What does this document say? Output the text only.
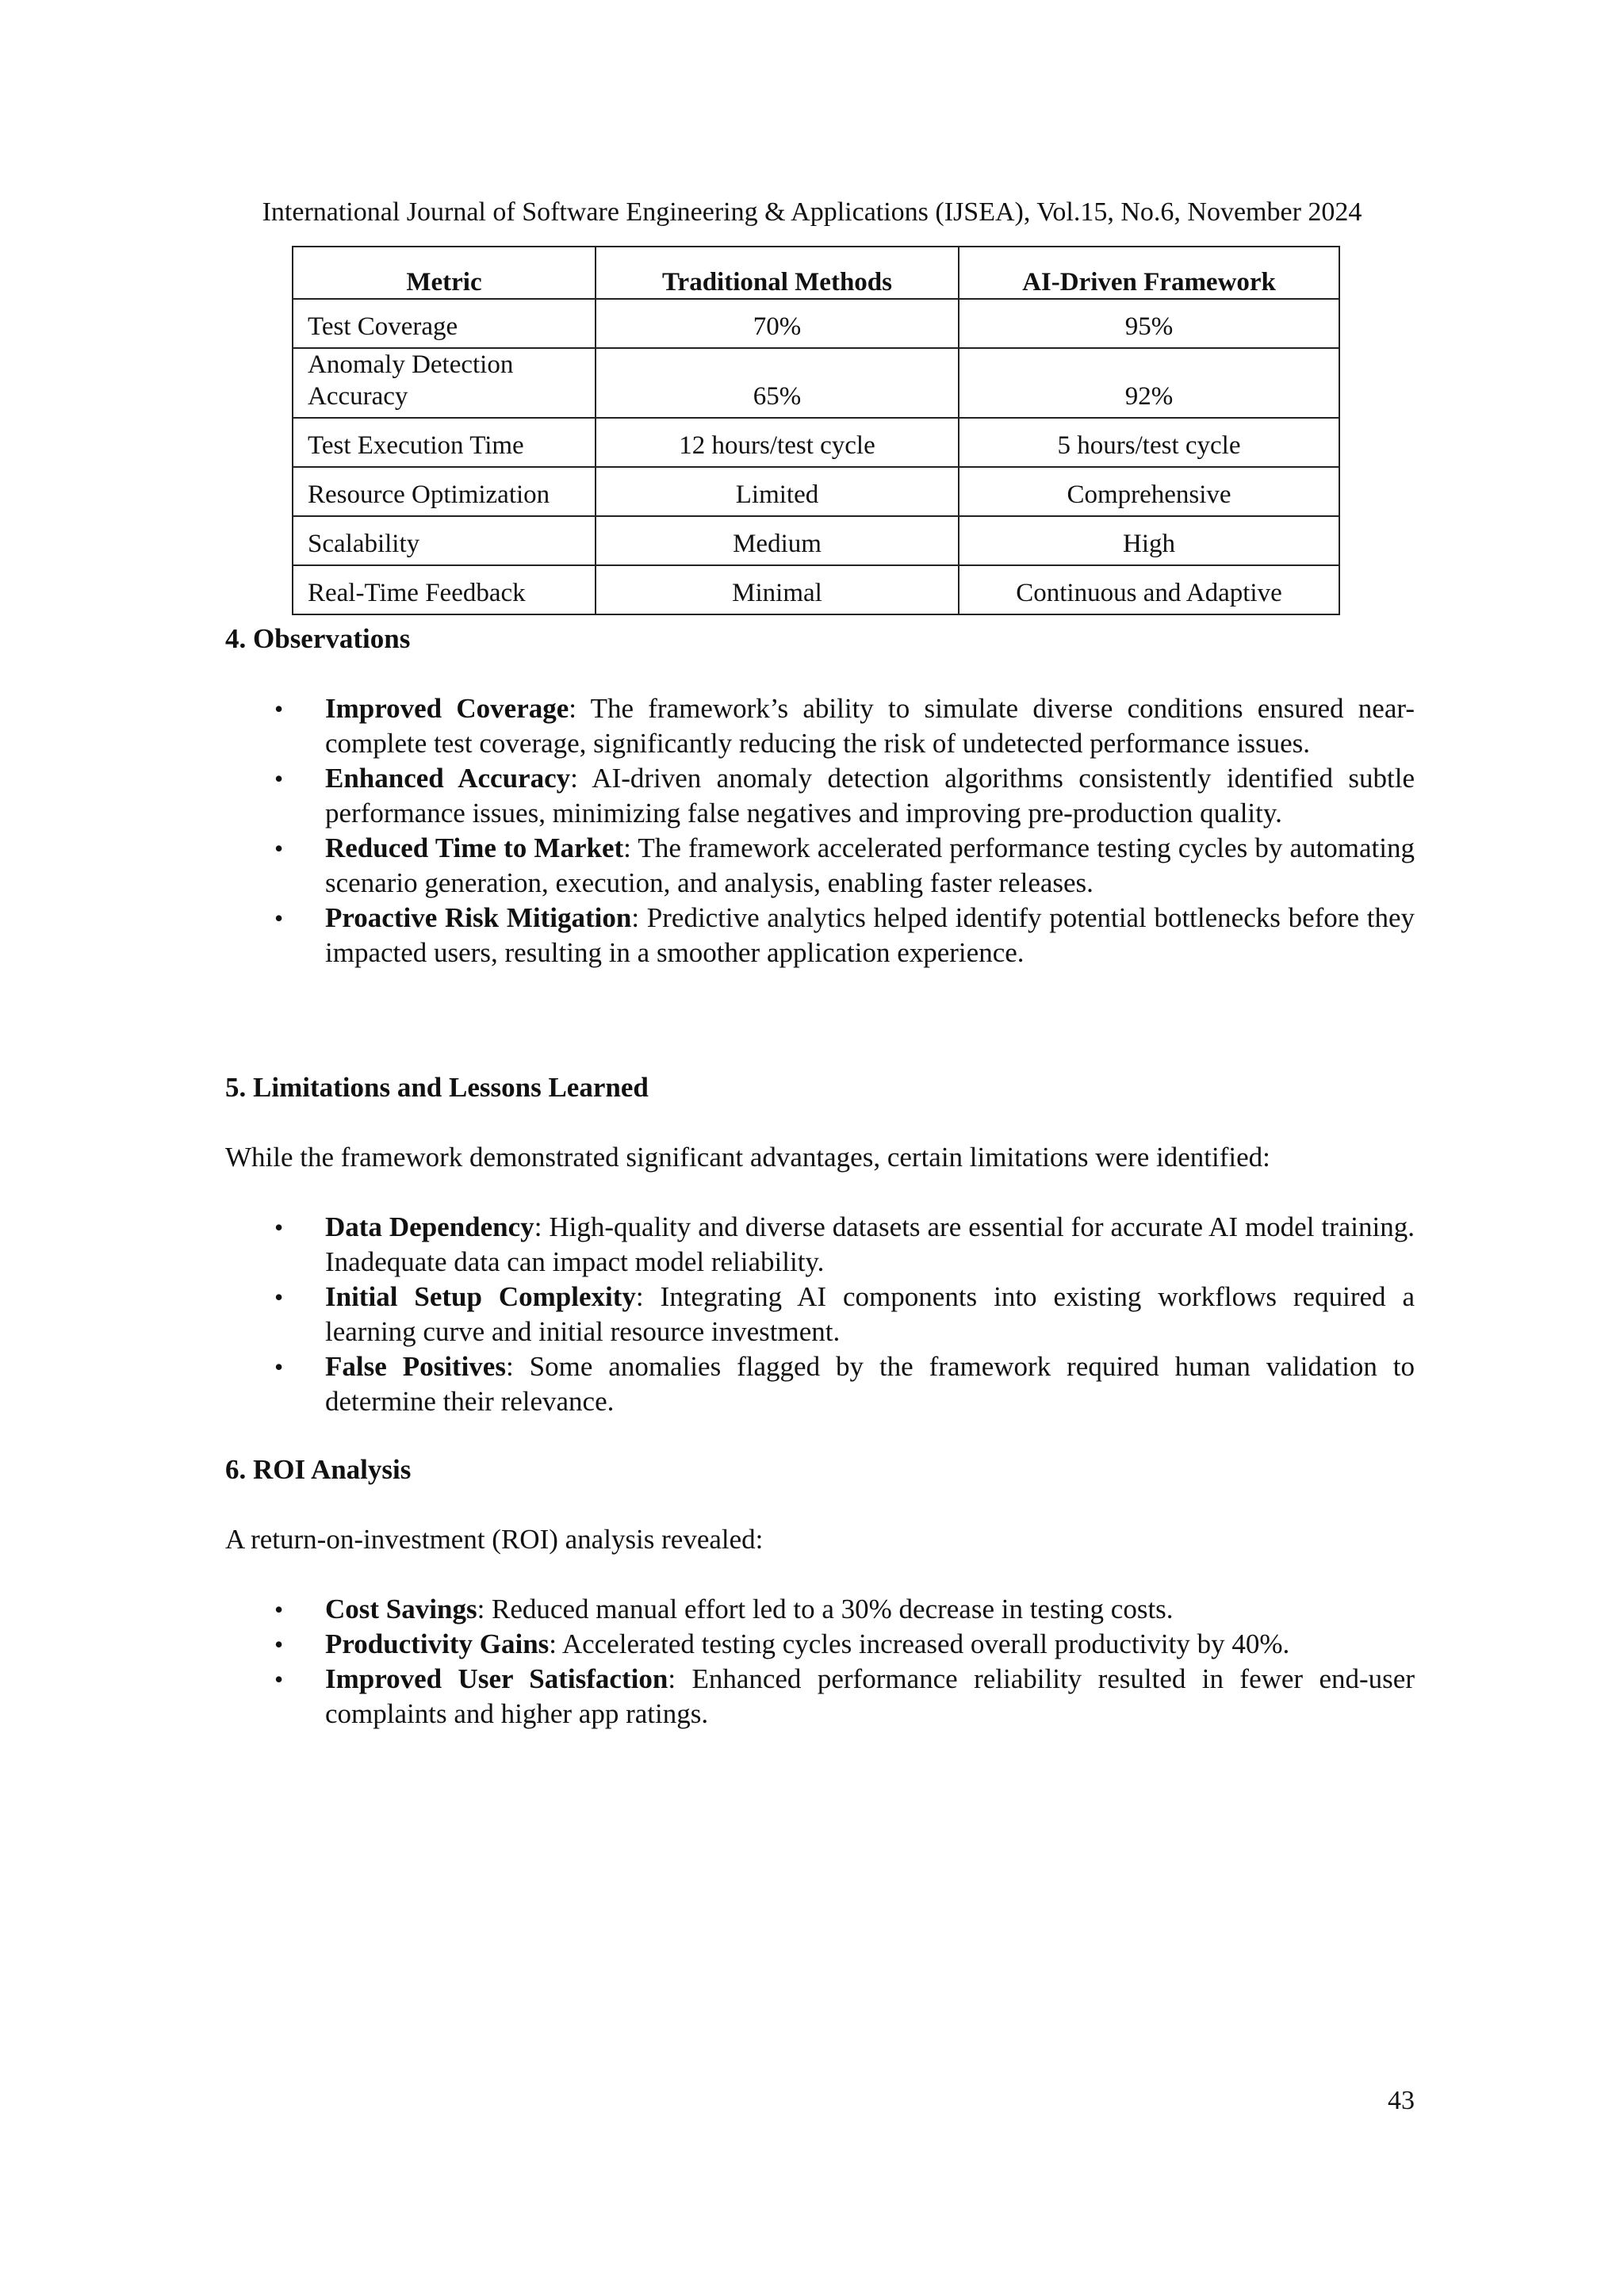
International Journal of Software Engineering & Applications (IJSEA), Vol.15, No.6, November 2024
Metric	Traditional Methods	AI-Driven Framework
Test Coverage	70%	95%
Anomaly Detection Accuracy	65%	92%
Test Execution Time	12 hours/test cycle	5 hours/test cycle
Resource Optimization	Limited	Comprehensive
Scalability	Medium	High
Real-Time Feedback	Minimal	Continuous and Adaptive
4. Observations
• Improved Coverage: The framework’s ability to simulate diverse conditions ensured near-complete test coverage, significantly reducing the risk of undetected performance issues.
• Enhanced Accuracy: AI-driven anomaly detection algorithms consistently identified subtle performance issues, minimizing false negatives and improving pre-production quality.
• Reduced Time to Market: The framework accelerated performance testing cycles by automating scenario generation, execution, and analysis, enabling faster releases.
• Proactive Risk Mitigation: Predictive analytics helped identify potential bottlenecks before they impacted users, resulting in a smoother application experience.
5. Limitations and Lessons Learned
While the framework demonstrated significant advantages, certain limitations were identified:
• Data Dependency: High-quality and diverse datasets are essential for accurate AI model training. Inadequate data can impact model reliability.
• Initial Setup Complexity: Integrating AI components into existing workflows required a learning curve and initial resource investment.
• False Positives: Some anomalies flagged by the framework required human validation to determine their relevance.
6. ROI Analysis
A return-on-investment (ROI) analysis revealed:
• Cost Savings: Reduced manual effort led to a 30% decrease in testing costs.
• Productivity Gains: Accelerated testing cycles increased overall productivity by 40%.
• Improved User Satisfaction: Enhanced performance reliability resulted in fewer end-user complaints and higher app ratings.
43
